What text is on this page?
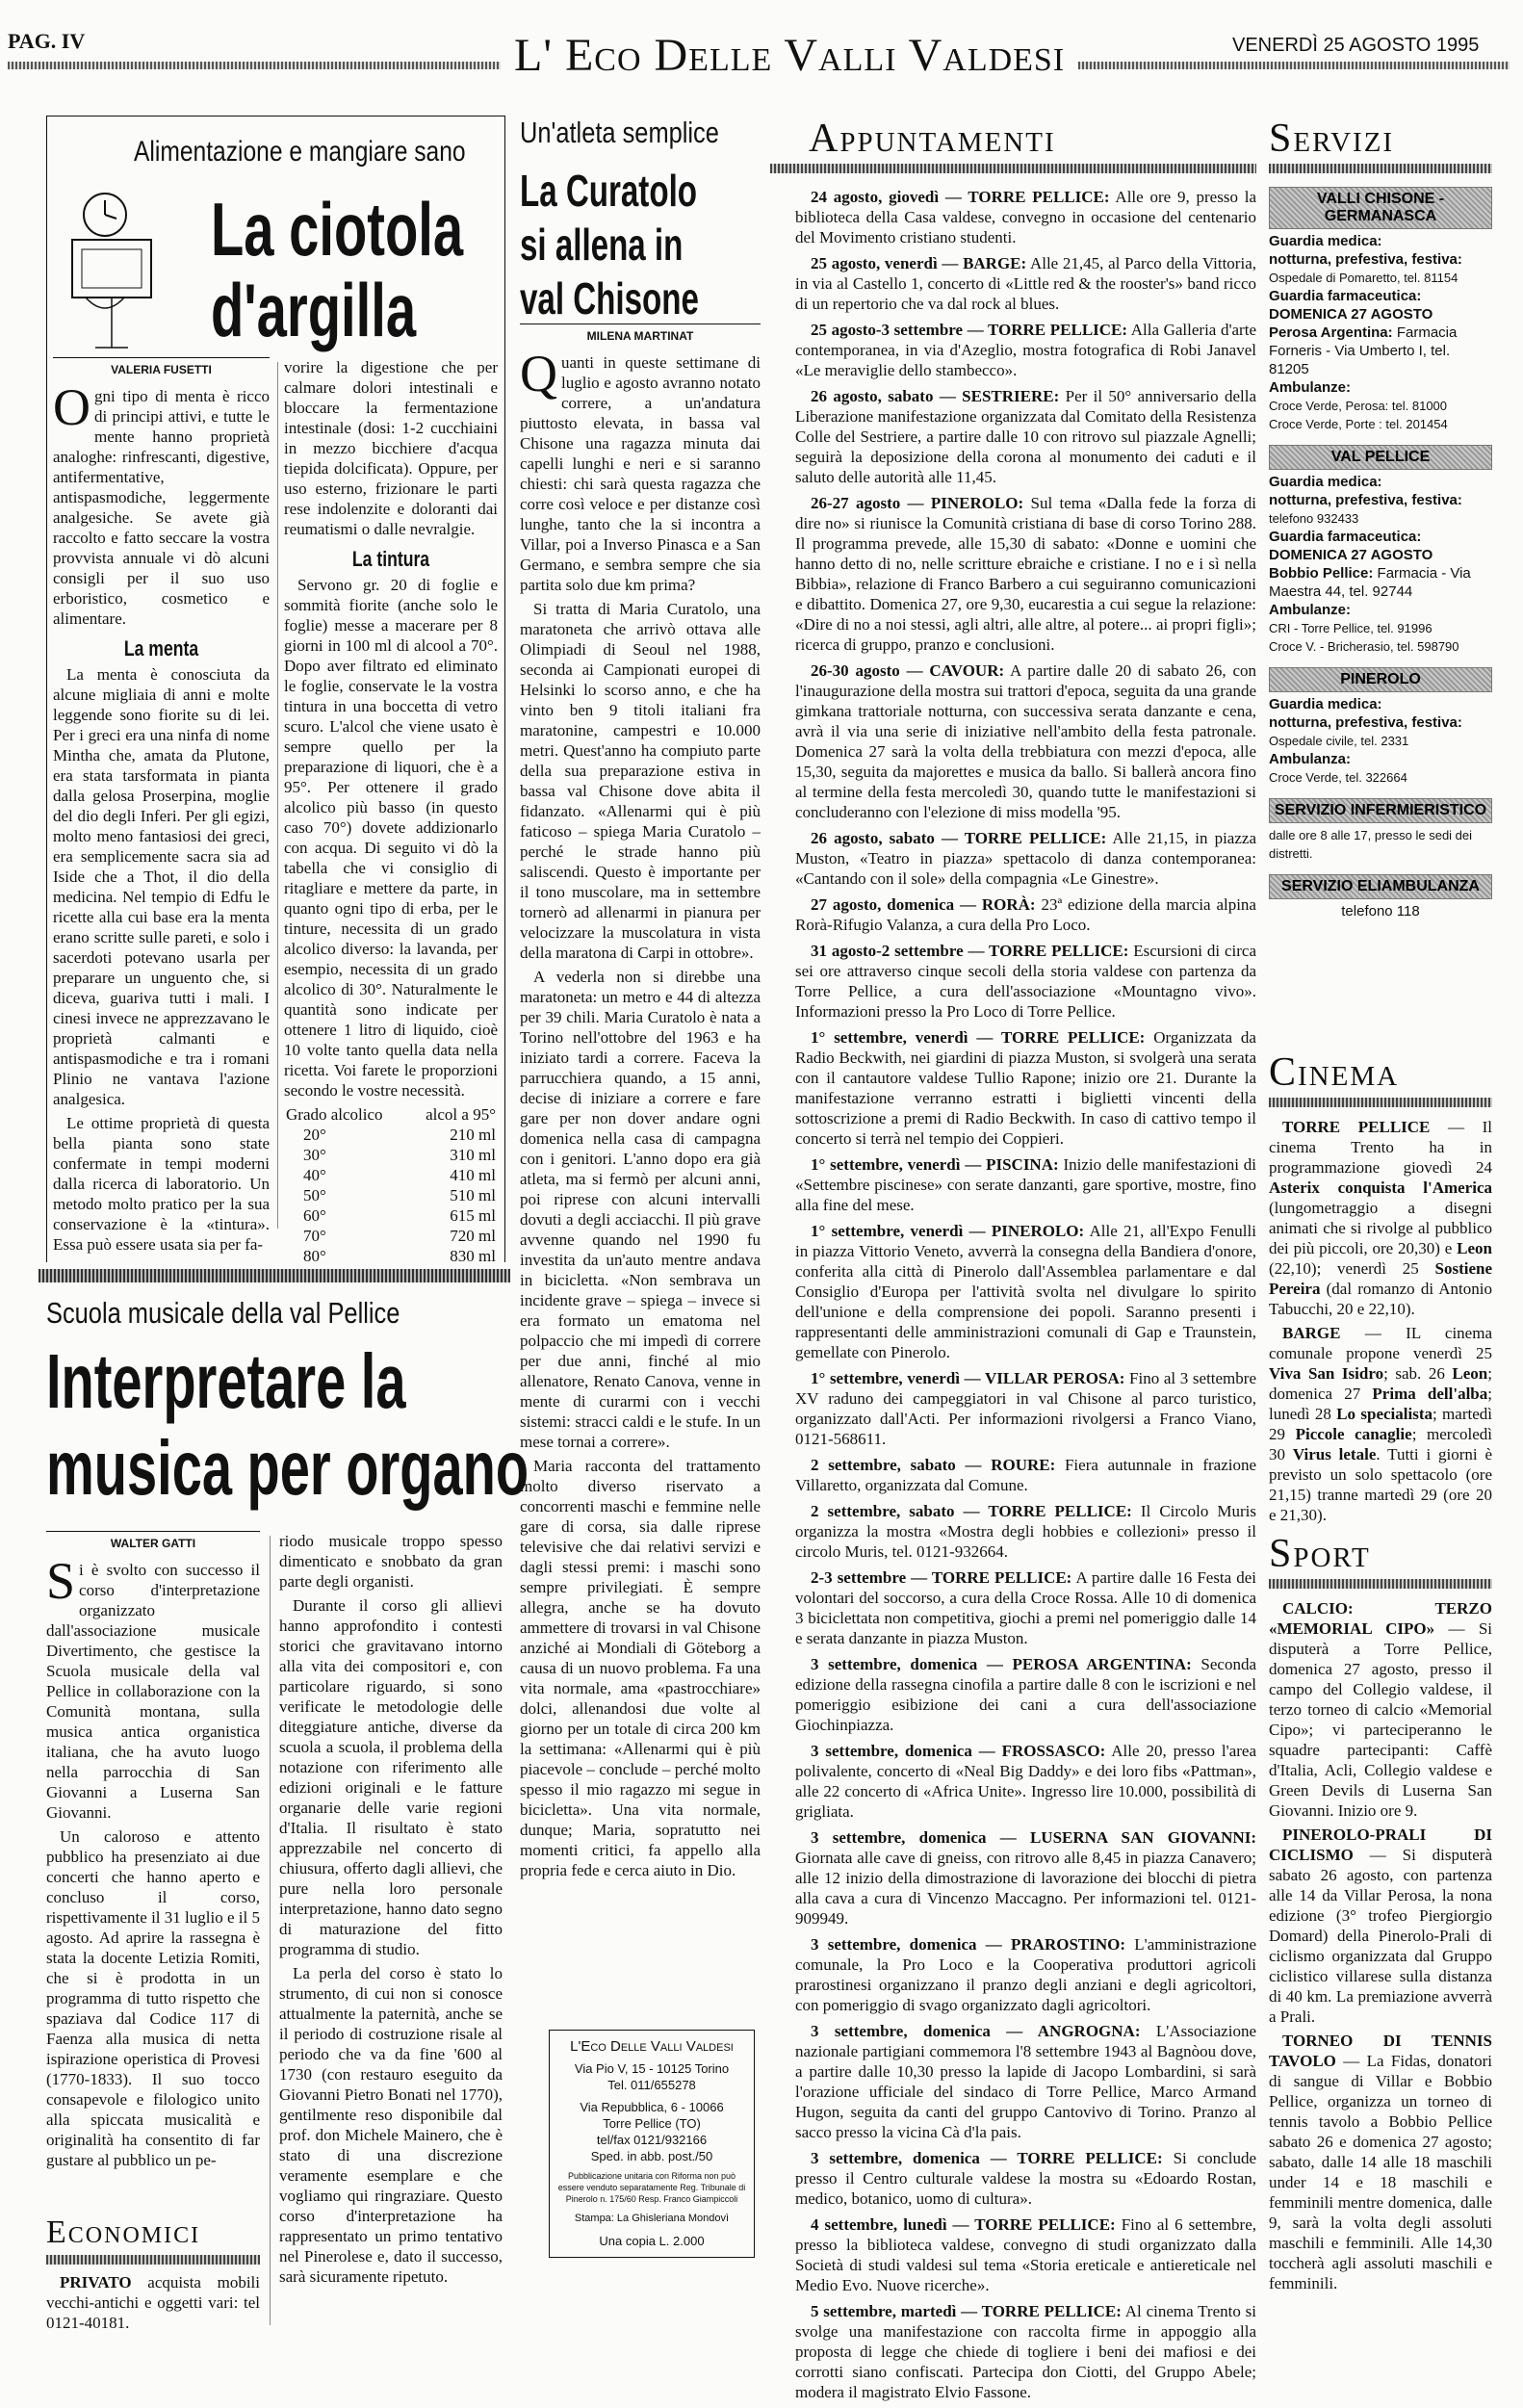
PAG. IV	L' Eco Delle Valli Valdesi	VENERDÌ 25 AGOSTO 1995
Alimentazione e mangiare sano
La ciotola
d'argilla
VALERIA FUSETTI

Ogni tipo di menta è ricco di principi attivi, e tutte le mente hanno proprietà analoghe: rinfrescanti, digestive, antifermentative, antispasmodiche, leggermente analgesiche. Se avete già raccolto e fatto seccare la vostra provvista annuale vi dò alcuni consigli per il suo uso erboristico, cosmetico e alimentare.

La menta

La menta è conosciuta da alcune migliaia di anni e molte leggende sono fiorite su di lei. Per i greci era una ninfa di nome Minthа che, amata da Plutone, era stata tarsformata in pianta dalla gelosa Proserpina, moglie del dio degli Inferi. Per gli egizi, molto meno fantasiosi dei greci, era semplicemente sacra sia ad Iside che a Thot, il dio della medicina. Nel tempio di Edfu le ricette alla cui base era la menta erano scritte sulle pareti, e solo i sacerdoti potevano usarla per preparare un unguento che, si diceva, guariva tutti i mali. I cinesi invece ne apprezzavano le proprietà calmanti e antispasmodiche e tra i romani Plinio ne vantava l'azione analgesica.

Le ottime proprietà di questa bella pianta sono state confermate in tempi moderni dalla ricerca di laboratorio. Un metodo molto pratico per la sua conservazione è la «tintura». Essa può essere usata sia per fa-

vorire la digestione che per calmare dolori intestinali e bloccare la fermentazione intestinale (dosi: 1-2 cucchiaini in mezzo bicchiere d'acqua tiepida dolcificata). Oppure, per uso esterno, frizionare le parti rese indolenzite e doloranti dai reumatismi o dalle nevralgie.

La tintura

Servono gr. 20 di foglie e sommità fiorite (anche solo le foglie) messe a macerare per 8 giorni in 100 ml di alcool a 70°. Dopo aver filtrato ed eliminato le foglie, conservate le la vostra tintura in una boccetta di vetro scuro. L'alcol che viene usato è sempre quello per la preparazione di liquori, che è a 95°. Per ottenere il grado alcolico più basso (in questo caso 70°) dovete addizionarlo con acqua. Di seguito vi dò la tabella che vi consiglio di ritagliare e mettere da parte, in quanto ogni tipo di erba, per le tinture, necessita di un grado alcolico diverso: la lavanda, per esempio, necessita di un grado alcolico di 30°. Naturalmente le quantità sono indicate per ottenere 1 litro di liquido, cioè 10 volte tanto quella data nella ricetta. Voi farete le proporzioni secondo le vostre necessità.

Grado alcolico	alcol a 95°
20°	210 ml
30°	310 ml
40°	410 ml
50°	510 ml
60°	615 ml
70°	720 ml
80°	830 ml
Scuola musicale della val Pellice
Interpretare la
musica per organo
WALTER GATTI

Si è svolto con successo il corso d'interpretazione organizzato dall'associazione musicale Divertimento, che gestisce la Scuola musicale della val Pellice in collaborazione con la Comunità montana, sulla musica antica organistica italiana, che ha avuto luogo nella parrocchia di San Giovanni a Luserna San Giovanni.

Un caloroso e attento pubblico ha presenziato ai due concerti che hanno aperto e concluso il corso, rispettivamente il 31 luglio e il 5 agosto. Ad aprire la rassegna è stata la docente Letizia Romiti, che si è prodotta in un programma di tutto rispetto che spaziava dal Codice 117 di Faenza alla musica di netta ispirazione operistica di Provesi (1770-1833). Il suo tocco consapevole e filologico unito alla spiccata musicalità e originalità ha consentito di far gustare al pubblico un pe-

riodo musicale troppo spesso dimenticato e snobbato da gran parte degli organisti.

Durante il corso gli allievi hanno approfondito i contesti storici che gravitavano intorno alla vita dei compositori e, con particolare riguardo, si sono verificate le metodologie delle diteggiature antiche, diverse da scuola a scuola, il problema della notazione con riferimento alle edizioni originali e le fatture organarie delle varie regioni d'Italia. Il risultato è stato apprezzabile nel concerto di chiusura, offerto dagli allievi, che pure nella loro personale interpretazione, hanno dato segno di maturazione del fitto programma di studio.

La perla del corso è stato lo strumento, di cui non si conosce attualmente la paternità, anche se il periodo di costruzione risale al periodo che va da fine '600 al 1730 (con restauro eseguito da Giovanni Pietro Bonati nel 1770), gentilmente reso disponibile dal prof. don Michele Mainero, che è stato di una discrezione veramente esemplare e che vogliamo qui ringraziare. Questo corso d'interpretazione ha rappresentato un primo tentativo nel Pinerolese e, dato il successo, sarà sicuramente ripetuto.

Economici
PRIVATO acquista mobili vecchi-antichi e oggetti vari: tel 0121-40181.
Un'atleta semplice
La Curatolo
si allena in
val Chisone
MILENA MARTINAT

Quanti in queste settimane di luglio e agosto avranno notato correre, a un'andatura piuttosto elevata, in bassa val Chisone una ragazza minuta dai capelli lunghi e neri e si saranno chiesti: chi sarà questa ragazza che corre così veloce e per distanze così lunghe, tanto che la si incontra a Villar, poi a Inverso Pinasca e a San Germano, e sembra sempre che sia partita solo due km prima?

Si tratta di Maria Curatolo, una maratoneta che arrivò ottava alle Olimpiadi di Seoul nel 1988, seconda ai Campionati europei di Helsinki lo scorso anno, e che ha vinto ben 9 titoli italiani fra maratonine, campestri e 10.000 metri. Quest'anno ha compiuto parte della sua preparazione estiva in bassa val Chisone dove abita il fidanzato. «Allenarmi qui è più faticoso – spiega Maria Curatolo – perché le strade hanno più saliscendi. Questo è importante per il tono muscolare, ma in settembre tornerò ad allenarmi in pianura per velocizzare la muscolatura in vista della maratona di Carpi in ottobre».

A vederla non si direbbe una maratoneta: un metro e 44 di altezza per 39 chili. Maria Curatolo è nata a Torino nell'ottobre del 1963 e ha iniziato tardi a correre. Faceva la parrucchiera quando, a 15 anni, decise di iniziare a correre e fare gare per non dover andare ogni domenica nella casa di campagna con i genitori. L'anno dopo era già atleta, ma si fermò per alcuni anni, poi riprese con alcuni intervalli dovuti a degli acciacchi. Il più grave avvenne quando nel 1990 fu investita da un'auto mentre andava in bicicletta. «Non sembrava un incidente grave – spiega – invece si era formato un ematoma nel polpaccio che mi impedì di correre per due anni, finché al mio allenatore, Renato Canova, venne in mente di curarmi con i vecchi sistemi: stracci caldi e le stufe. In un mese tornai a correre».

Maria racconta del trattamento molto diverso riservato a concorrenti maschi e femmine nelle gare di corsa, sia dalle riprese televisive che dai relativi servizi e dagli stessi premi: i maschi sono sempre privilegiati. È sempre allegra, anche se ha dovuto ammettere di trovarsi in val Chisone anziché ai Mondiali di Göteborg a causa di un nuovo problema. Fa una vita normale, ama «pastrocchiare» dolci, allenandosi due volte al giorno per un totale di circa 200 km la settimana: «Allenarmi qui è più piacevole – conclude – perché molto spesso il mio ragazzo mi segue in bicicletta». Una vita normale, dunque; Maria, sopratutto nei momenti critici, fa appello alla propria fede e cerca aiuto in Dio.

L'Eco Delle Valli Valdesi
Via Pio V, 15 - 10125 Torino
Tel. 011/655278
Via Repubblica, 6 - 10066
Torre Pellice (TO)
tel/fax 0121/932166
Sped. in abb. post./50
Pubblicazione unitaria con Riforma non può essere venduto separatamente Reg. Tribunale di Pinerolo n. 175/60 Resp. Franco Giampiccoli
Stampa: La Ghisleriana Mondovì
Una copia L. 2.000
Appuntamenti

24 agosto, giovedì — TORRE PELLICE: Alle ore 9, presso la biblioteca della Casa valdese, convegno in occasione del centenario del Movimento cristiano studenti.

25 agosto, venerdì — BARGE: Alle 21,45, al Parco della Vittoria, in via al Castello 1, concerto di «Little red & the rooster's» band ricco di un repertorio che va dal rock al blues.

25 agosto-3 settembre — TORRE PELLICE: Alla Galleria d'arte contemporanea, in via d'Azeglio, mostra fotografica di Robi Janavel «Le meraviglie dello stambecco».

26 agosto, sabato — SESTRIERE: Per il 50° anniversario della Liberazione manifestazione organizzata dal Comitato della Resistenza Colle del Sestriere, a partire dalle 10 con ritrovo sul piazzale Agnelli; seguirà la deposizione della corona al monumento dei caduti e il saluto delle autorità alle 11,45.

26-27 agosto — PINEROLO: Sul tema «Dalla fede la forza di dire no» si riunisce la Comunità cristiana di base di corso Torino 288. Il programma prevede, alle 15,30 di sabato: «Donne e uomini che hanno detto di no, nelle scritture ebraiche e cristiane. I no e i sì nella Bibbia», relazione di Franco Barbero a cui seguiranno comunicazioni e dibattito. Domenica 27, ore 9,30, eucarestia a cui segue la relazione: «Dire di no a noi stessi, agli altri, alle altre, al potere... ai propri figli»; ricerca di gruppo, pranzo e conclusioni.

26-30 agosto — CAVOUR: A partire dalle 20 di sabato 26, con l'inaugurazione della mostra sui trattori d'epoca, seguita da una grande gimkana trattoriale notturna, con successiva serata danzante e cena, avrà il via una serie di iniziative nell'ambito della festa patronale. Domenica 27 sarà la volta della trebbiatura con mezzi d'epoca, alle 15,30, seguita da majorettes e musica da ballo. Si ballerà ancora fino al termine della festa mercoledì 30, quando tutte le manifestazioni si concluderanno con l'elezione di miss modella '95.

26 agosto, sabato — TORRE PELLICE: Alle 21,15, in piazza Muston, «Teatro in piazza» spettacolo di danza contemporanea: «Cantando con il sole» della compagnia «Le Ginestre».

27 agosto, domenica — RORÀ: 23ª edizione della marcia alpina Rorà-Rifugio Valanza, a cura della Pro Loco.

31 agosto-2 settembre — TORRE PELLICE: Escursioni di circa sei ore attraverso cinque secoli della storia valdese con partenza da Torre Pellice, a cura dell'associazione «Mountagno vivo». Informazioni presso la Pro Loco di Torre Pellice.

1° settembre, venerdì — TORRE PELLICE: Organizzata da Radio Beckwith, nei giardini di piazza Muston, si svolgerà una serata con il cantautore valdese Tullio Rapone; inizio ore 21. Durante la manifestazione verranno estratti i biglietti vincenti della sottoscrizione a premi di Radio Beckwith. In caso di cattivo tempo il concerto si terrà nel tempio dei Coppieri.

1° settembre, venerdì — PISCINA: Inizio delle manifestazioni di «Settembre piscinese» con serate danzanti, gare sportive, mostre, fino alla fine del mese.

1° settembre, venerdì — PINEROLO: Alle 21, all'Expo Fenulli in piazza Vittorio Veneto, avverrà la consegna della Bandiera d'onore, conferita alla città di Pinerolo dall'Assemblea parlamentare e dal Consiglio d'Europa per l'attività svolta nel divulgare lo spirito dell'unione e della comprensione dei popoli. Saranno presenti i rappresentanti delle amministrazioni comunali di Gap e Traunstein, gemellate con Pinerolo.

1° settembre, venerdì — VILLAR PEROSA: Fino al 3 settembre XV raduno dei campeggiatori in val Chisone al parco turistico, organizzato dall'Acti. Per informazioni rivolgersi a Franco Viano, 0121-568611.

2 settembre, sabato — ROURE: Fiera autunnale in frazione Villaretto, organizzata dal Comune.

2 settembre, sabato — TORRE PELLICE: Il Circolo Muris organizza la mostra «Mostra degli hobbies e collezioni» presso il circolo Muris, tel. 0121-932664.

2-3 settembre — TORRE PELLICE: A partire dalle 16 Festa dei volontari del soccorso, a cura della Croce Rossa. Alle 10 di domenica 3 biciclettata non competitiva, giochi a premi nel pomeriggio dalle 14 e serata danzante in piazza Muston.

3 settembre, domenica — PEROSA ARGENTINA: Seconda edizione della rassegna cinofila a partire dalle 8 con le iscrizioni e nel pomeriggio esibizione dei cani a cura dell'associazione Giochinpiazza.

3 settembre, domenica — FROSSASCO: Alle 20, presso l'area polivalente, concerto di «Neal Big Daddy» e dei loro fibs «Pattman», alle 22 concerto di «Africa Unite». Ingresso lire 10.000, possibilità di grigliata.

3 settembre, domenica — LUSERNA SAN GIOVANNI: Giornata alle cave di gneiss, con ritrovo alle 8,45 in piazza Canavero; alle 12 inizio della dimostrazione di lavorazione dei blocchi di pietra alla cava a cura di Vincenzo Maccagno. Per informazioni tel. 0121-909949.

3 settembre, domenica — PRAROSTINO: L'amministrazione comunale, la Pro Loco e la Cooperativa produttori agricoli prarostinesi organizzano il pranzo degli anziani e degli agricoltori, con pomeriggio di svago organizzato dagli agricoltori.

3 settembre, domenica — ANGROGNA: L'Associazione nazionale partigiani commemora l'8 settembre 1943 al Bagnòou dove, a partire dalle 10,30 presso la lapide di Jacopo Lombardini, si sarà l'orazione ufficiale del sindaco di Torre Pellice, Marco Armand Hugon, seguita da canti del gruppo Cantovivo di Torino. Pranzo al sacco presso la vicina Cà d'la pais.

3 settembre, domenica — TORRE PELLICE: Si conclude presso il Centro culturale valdese la mostra su «Edoardo Rostan, medico, botanico, uomo di cultura».

4 settembre, lunedì — TORRE PELLICE: Fino al 6 settembre, presso la biblioteca valdese, convegno di studi organizzato dalla Società di studi valdesi sul tema «Storia ereticale e antiereticale nel Medio Evo. Nuove ricerche».

5 settembre, martedì — TORRE PELLICE: Al cinema Trento si svolge una manifestazione con raccolta firme in appoggio alla proposta di legge che chiede di togliere i beni dei mafiosi e dei corrotti siano confiscati. Partecipa don Ciotti, del Gruppo Abele; modera il magistrato Elvio Fassone.

Servizi
VALLI CHISONE - GERMANASCA
Guardia medica:
notturna, prefestiva, festiva:
Ospedale di Pomaretto, tel. 81154
Guardia farmaceutica:
DOMENICA 27 AGOSTO
Perosa Argentina: Farmacia Forneris - Via Umberto I, tel. 81205
Ambulanze:
Croce Verde, Perosa: tel. 81000
Croce Verde, Porte : tel. 201454
VAL PELLICE
Guardia medica:
notturna, prefestiva, festiva:
telefono 932433
Guardia farmaceutica:
DOMENICA 27 AGOSTO
Bobbio Pellice: Farmacia - Via Maestra 44, tel. 92744
Ambulanze:
CRI - Torre Pellice, tel. 91996
Croce V. - Bricherasio, tel. 598790
PINEROLO
Guardia medica:
notturna, prefestiva, festiva:
Ospedale civile, tel. 2331
Ambulanza:
Croce Verde, tel. 322664
SERVIZIO INFERMIERISTICO
dalle ore 8 alle 17, presso le sedi dei distretti.
SERVIZIO ELIAMBULANZA
telefono 118
Cinema

TORRE PELLICE — Il cinema Trento ha in programmazione giovedì 24 Asterix conquista l'America (lungometraggio a disegni animati che si rivolge al pubblico dei più piccoli, ore 20,30) e Leon (22,10); venerdì 25 Sostiene Pereira (dal romanzo di Antonio Tabucchi, 20 e 22,10).

BARGE — IL cinema comunale propone venerdì 25 Viva San Isidro; sab. 26 Leon; domenica 27 Prima dell'alba; lunedì 28 Lo specialista; martedì 29 Piccole canaglie; mercoledì 30 Virus letale. Tutti i giorni è previsto un solo spettacolo (ore 21,15) tranne martedì 29 (ore 20 e 21,30).

Sport

CALCIO: TERZO «MEMORIAL CIPO» — Si disputerà a Torre Pellice, domenica 27 agosto, presso il campo del Collegio valdese, il terzo torneo di calcio «Memorial Cipo»; vi parteciperanno le squadre partecipanti: Caffè d'Italia, Acli, Collegio valdese e Green Devils di Luserna San Giovanni. Inizio ore 9.

PINEROLO-PRALI DI CICLISMO — Si disputerà sabato 26 agosto, con partenza alle 14 da Villar Perosa, la nona edizione (3° trofeo Piergiorgio Domard) della Pinerolo-Prali di ciclismo organizzata dal Gruppo ciclistico villarese sulla distanza di 40 km. La premiazione avverrà a Prali.

TORNEO DI TENNIS TAVOLO — La Fidas, donatori di sangue di Villar e Bobbio Pellice, organizza un torneo di tennis tavolo a Bobbio Pellice sabato 26 e domenica 27 agosto; sabato, dalle 14 alle 18 maschili under 14 e 18 maschili e femminili mentre domenica, dalle 9, sarà la volta degli assoluti maschili e femminili. Alle 14,30 toccherà agli assoluti maschili e femminili.
